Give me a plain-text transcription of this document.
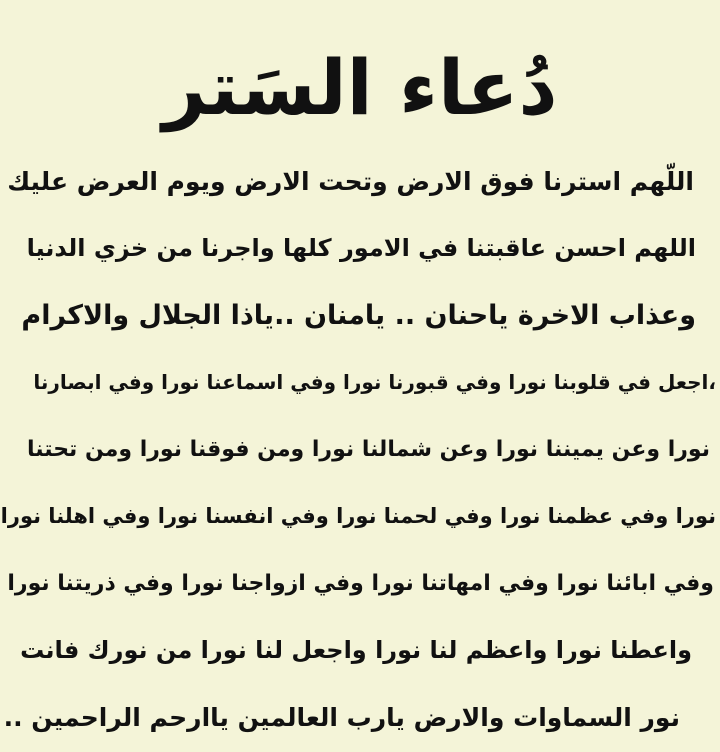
دُعاء السَتر
اللّهم استرنا فوق الارض وتحت الارض ويوم العرض عليك
اللهم احسن عاقبتنا في الامور كلها واجرنا من خزي الدنيا
وعذاب الاخرة ياحنان .. يامنان ..ياذا الجلال والاكرام
،اجعل في قلوبنا نورا وفي قبورنا نورا وفي اسماعنا نورا وفي ابصارنا
نورا وعن يميننا نورا وعن شمالنا نورا ومن فوقنا نورا ومن تحتنا
نورا وفي عظمنا نورا وفي لحمنا نورا وفي انفسنا نورا وفي اهلنا نورا
وفي ابائنا نورا وفي امهاتنا نورا وفي ازواجنا نورا وفي ذريتنا نورا
واعطنا نورا واعظم لنا نورا واجعل لنا نورا من نورك فانت
نور السماوات والارض يارب العالمين ياارحم الراحمين ..
